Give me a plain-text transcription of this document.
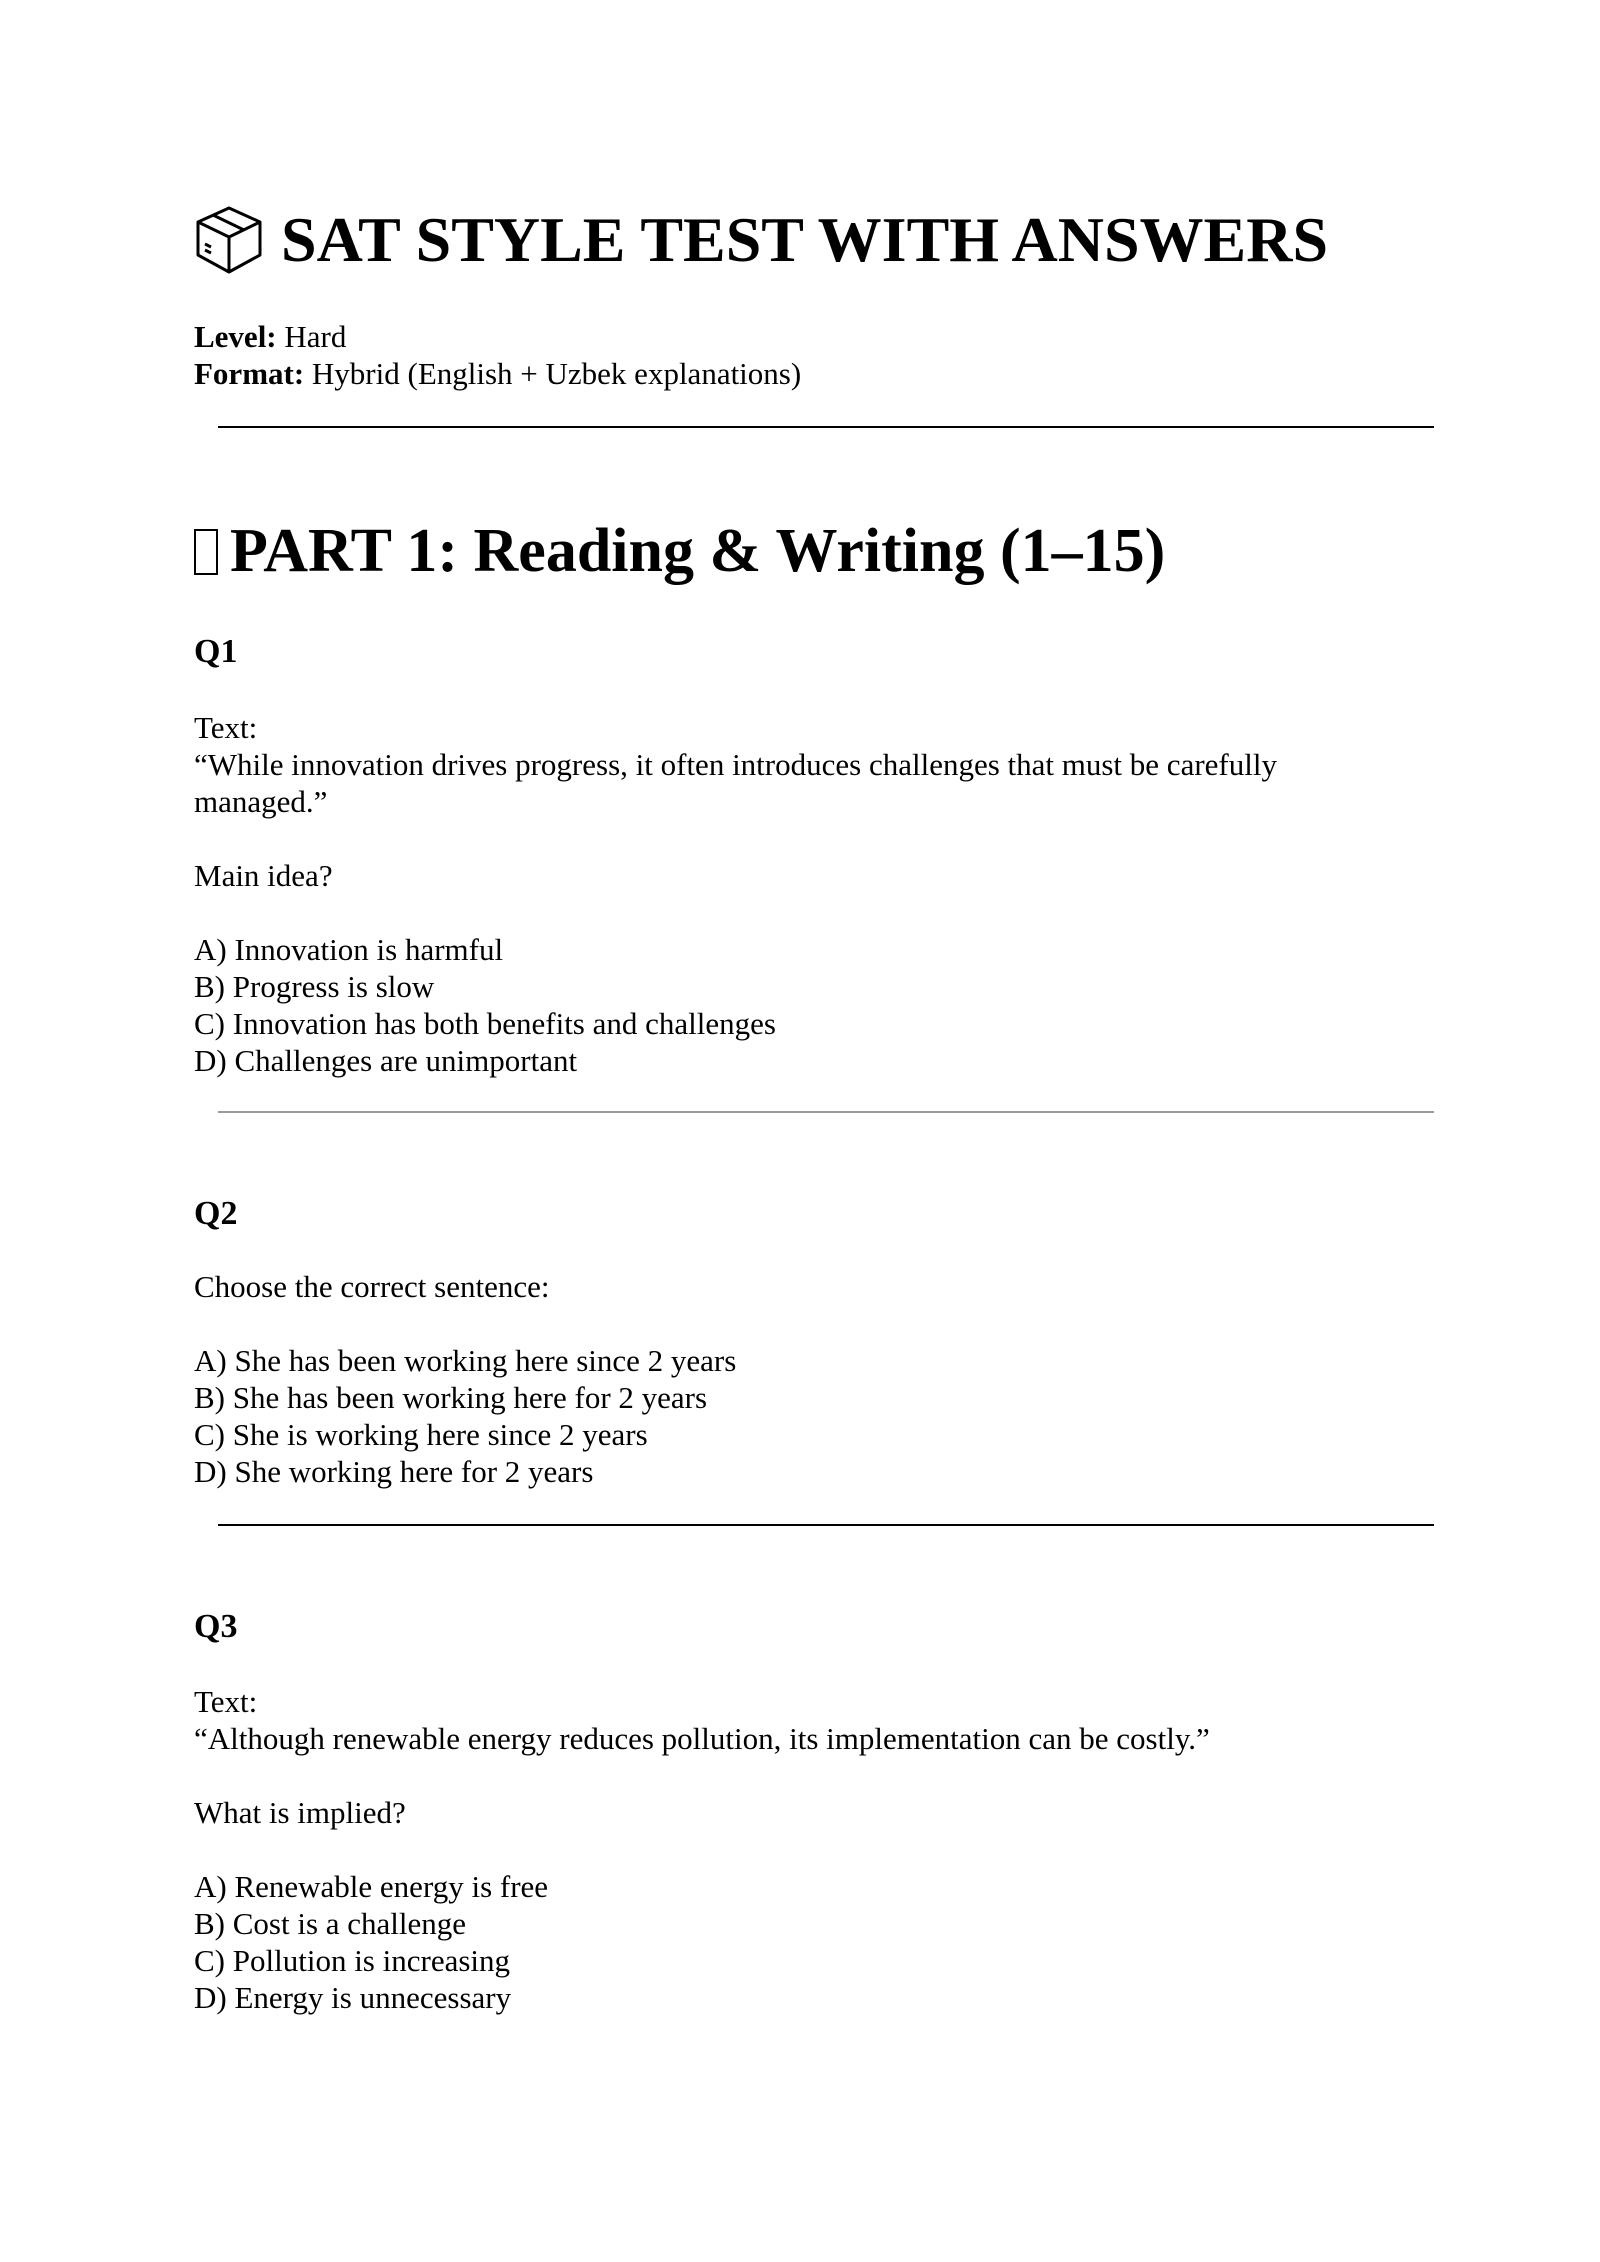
SAT STYLE TEST WITH ANSWERS
Level: Hard
Format: Hybrid (English + Uzbek explanations)
PART 1: Reading & Writing (1–15)
Q1
Text:
“While innovation drives progress, it often introduces challenges that must be carefully
managed.”
Main idea?
A) Innovation is harmful
B) Progress is slow
C) Innovation has both benefits and challenges
D) Challenges are unimportant
Q2
Choose the correct sentence:
A) She has been working here since 2 years
B) She has been working here for 2 years
C) She is working here since 2 years
D) She working here for 2 years
Q3
Text:
“Although renewable energy reduces pollution, its implementation can be costly.”
What is implied?
A) Renewable energy is free
B) Cost is a challenge
C) Pollution is increasing
D) Energy is unnecessary
